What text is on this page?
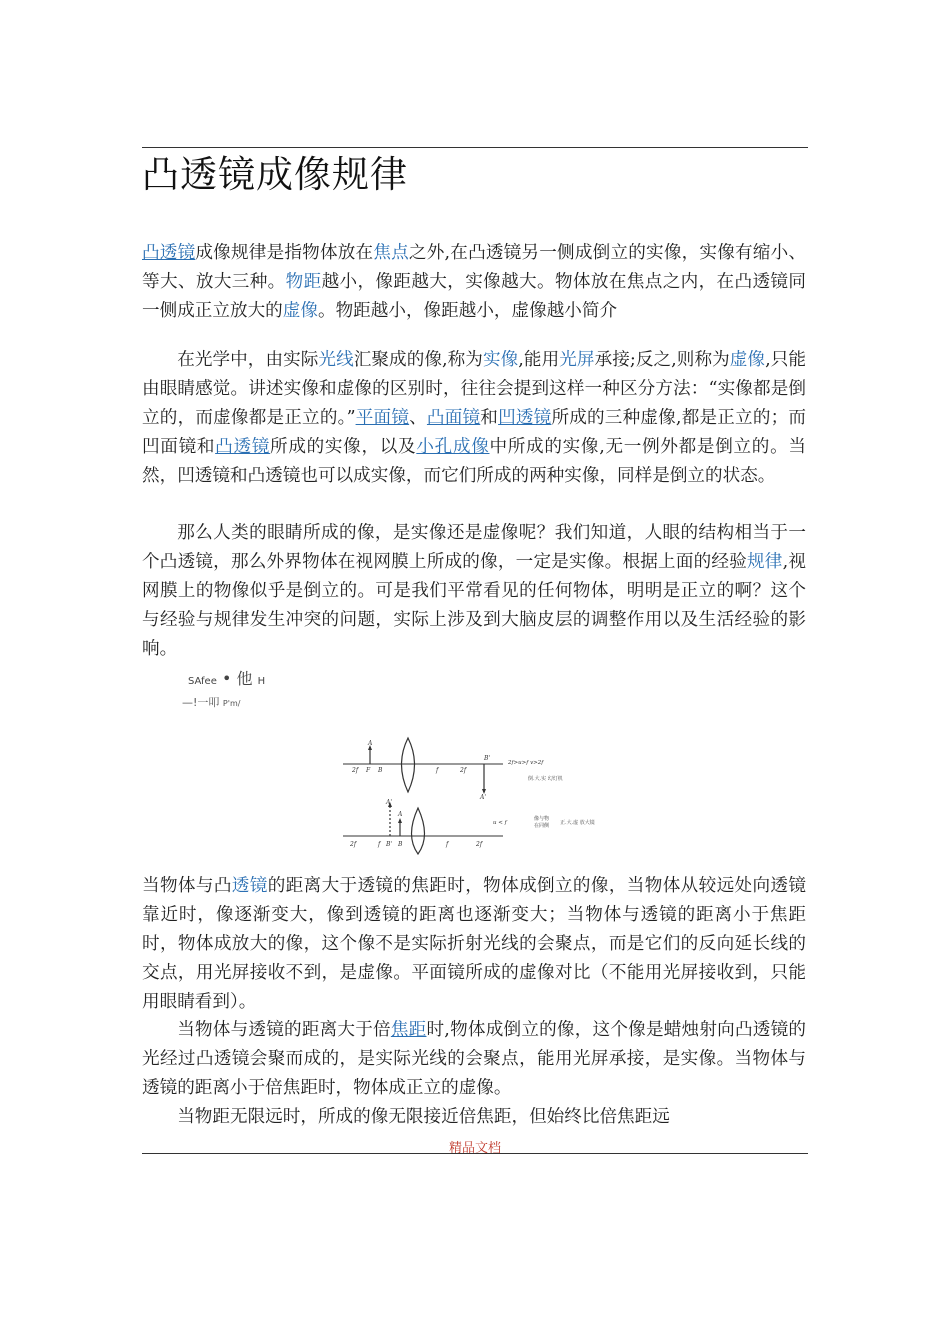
凸透镜成像规律

凸透镜成像规律是指物体放在焦点之外,在凸透镜另一侧成倒立的实像，实像有缩小、等大、放大三种。物距越小，像距越大，实像越大。物体放在焦点之内，在凸透镜同一侧成正立放大的虚像。物距越小，像距越小，虚像越小简介

在光学中，由实际光线汇聚成的像,称为实像,能用光屏承接;反之,则称为虚像,只能由眼睛感觉。讲述实像和虚像的区别时，往往会提到这样一种区分方法：“实像都是倒立的，而虚像都是正立的。”平面镜、凸面镜和凹透镜所成的三种虚像,都是正立的；而凹面镜和凸透镜所成的实像，以及小孔成像中所成的实像,无一例外都是倒立的。当然，凹透镜和凸透镜也可以成实像，而它们所成的两种实像，同样是倒立的状态。

那么人类的眼睛所成的像，是实像还是虚像呢？我们知道，人眼的结构相当于一个凸透镜，那么外界物体在视网膜上所成的像，一定是实像。根据上面的经验规律,视网膜上的物像似乎是倒立的。可是我们平常看见的任何物体，明明是正立的啊？这个与经验与规律发生冲突的问题，实际上涉及到大脑皮层的调整作用以及生活经验的影响。

SAfee • 他 H
—!一叩 P'm/
A
B'
A'
2f F B	f	2f
2f>u>f v>2f
倒.大.实 幻灯机
A'
A
2f	f B' B	f	2f
u < f
像与物
在同侧 正.大.虚 放大镜

当物体与凸透镜的距离大于透镜的焦距时，物体成倒立的像，当物体从较远处向透镜靠近时，像逐渐变大，像到透镜的距离也逐渐变大；当物体与透镜的距离小于焦距时，物体成放大的像，这个像不是实际折射光线的会聚点，而是它们的反向延长线的交点，用光屏接收不到，是虚像。平面镜所成的虚像对比（不能用光屏接收到，只能用眼睛看到）。

当物体与透镜的距离大于倍焦距时,物体成倒立的像，这个像是蜡烛射向凸透镜的光经过凸透镜会聚而成的，是实际光线的会聚点，能用光屏承接，是实像。当物体与透镜的距离小于倍焦距时，物体成正立的虚像。

当物距无限远时，所成的像无限接近倍焦距，但始终比倍焦距远

精品文档
